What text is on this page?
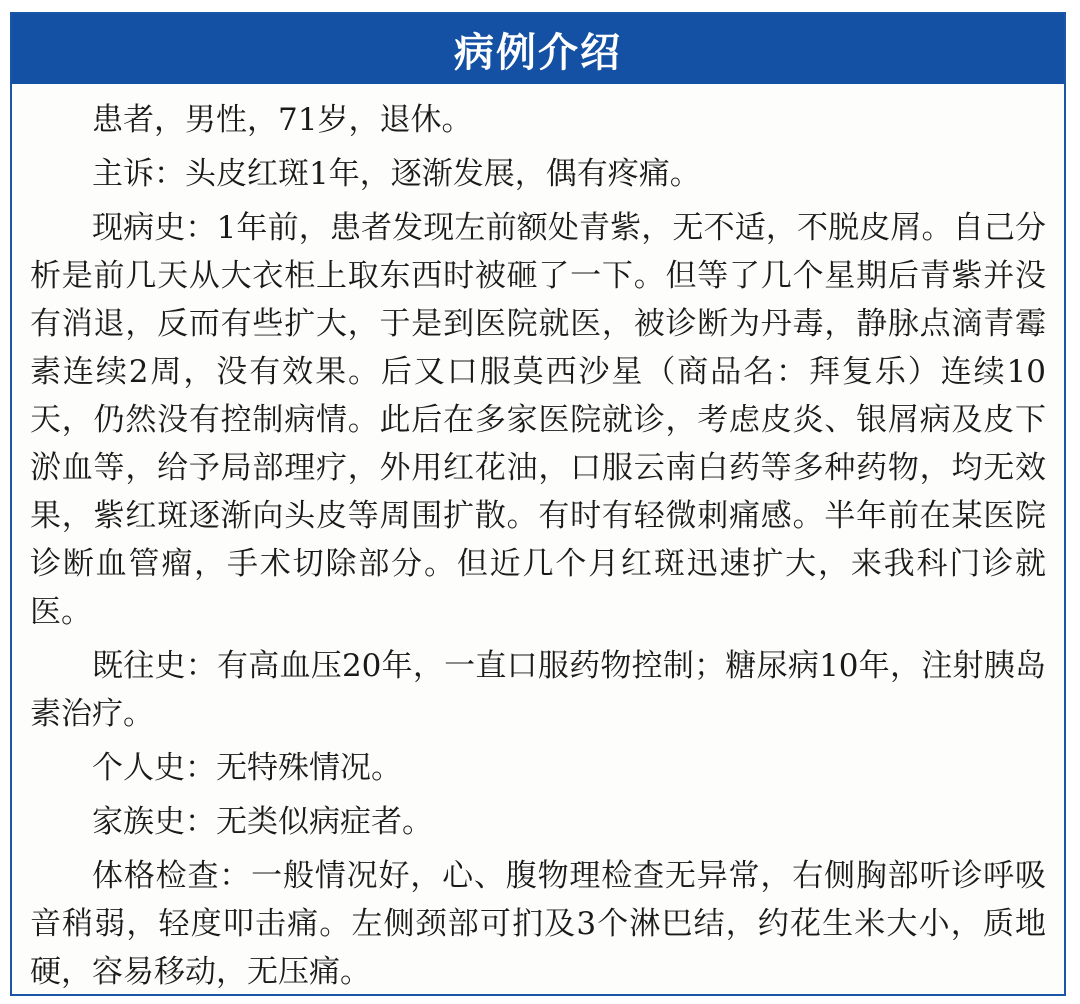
病例介绍

患者，男性，71岁，退休。

主诉：头皮红斑1年，逐渐发展，偶有疼痛。

现病史：1年前，患者发现左前额处青紫，无不适，不脱皮屑。自己分析是前几天从大衣柜上取东西时被砸了一下。但等了几个星期后青紫并没有消退，反而有些扩大，于是到医院就医，被诊断为丹毒，静脉点滴青霉素连续2周，没有效果。后又口服莫西沙星（商品名：拜复乐）连续10天，仍然没有控制病情。此后在多家医院就诊，考虑皮炎、银屑病及皮下淤血等，给予局部理疗，外用红花油，口服云南白药等多种药物，均无效果，紫红斑逐渐向头皮等周围扩散。有时有轻微刺痛感。半年前在某医院诊断血管瘤，手术切除部分。但近几个月红斑迅速扩大，来我科门诊就医。

既往史：有高血压20年，一直口服药物控制；糖尿病10年，注射胰岛素治疗。

个人史：无特殊情况。

家族史：无类似病症者。

体格检查：一般情况好，心、腹物理检查无异常，右侧胸部听诊呼吸音稍弱，轻度叩击痛。左侧颈部可扪及3个淋巴结，约花生米大小，质地硬，容易移动，无压痛。
